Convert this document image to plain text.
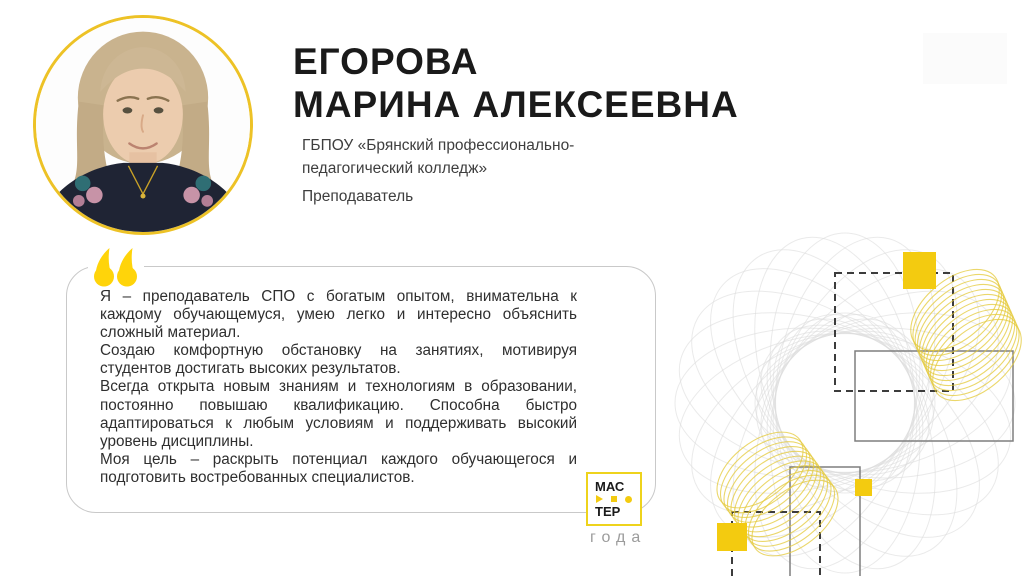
ЕГОРОВА
МАРИНА АЛЕКСЕЕВНА
ГБПОУ «Брянский профессионально-педагогический колледж»
Преподаватель

Я – преподаватель СПО с богатым опытом, внимательна к каждому обучающемуся, умею легко и интересно объяснить сложный материал.

Создаю комфортную обстановку на занятиях, мотивируя студентов достигать высоких результатов.

Всегда открыта новым знаниям и технологиям в образовании, постоянно повышаю квалификацию. Способна быстро адаптироваться к любым условиям и поддерживать высокий уровень дисциплины.

Моя цель – раскрыть потенциал каждого обучающегося и подготовить востребованных специалистов.

МАС
ТЕР
года
